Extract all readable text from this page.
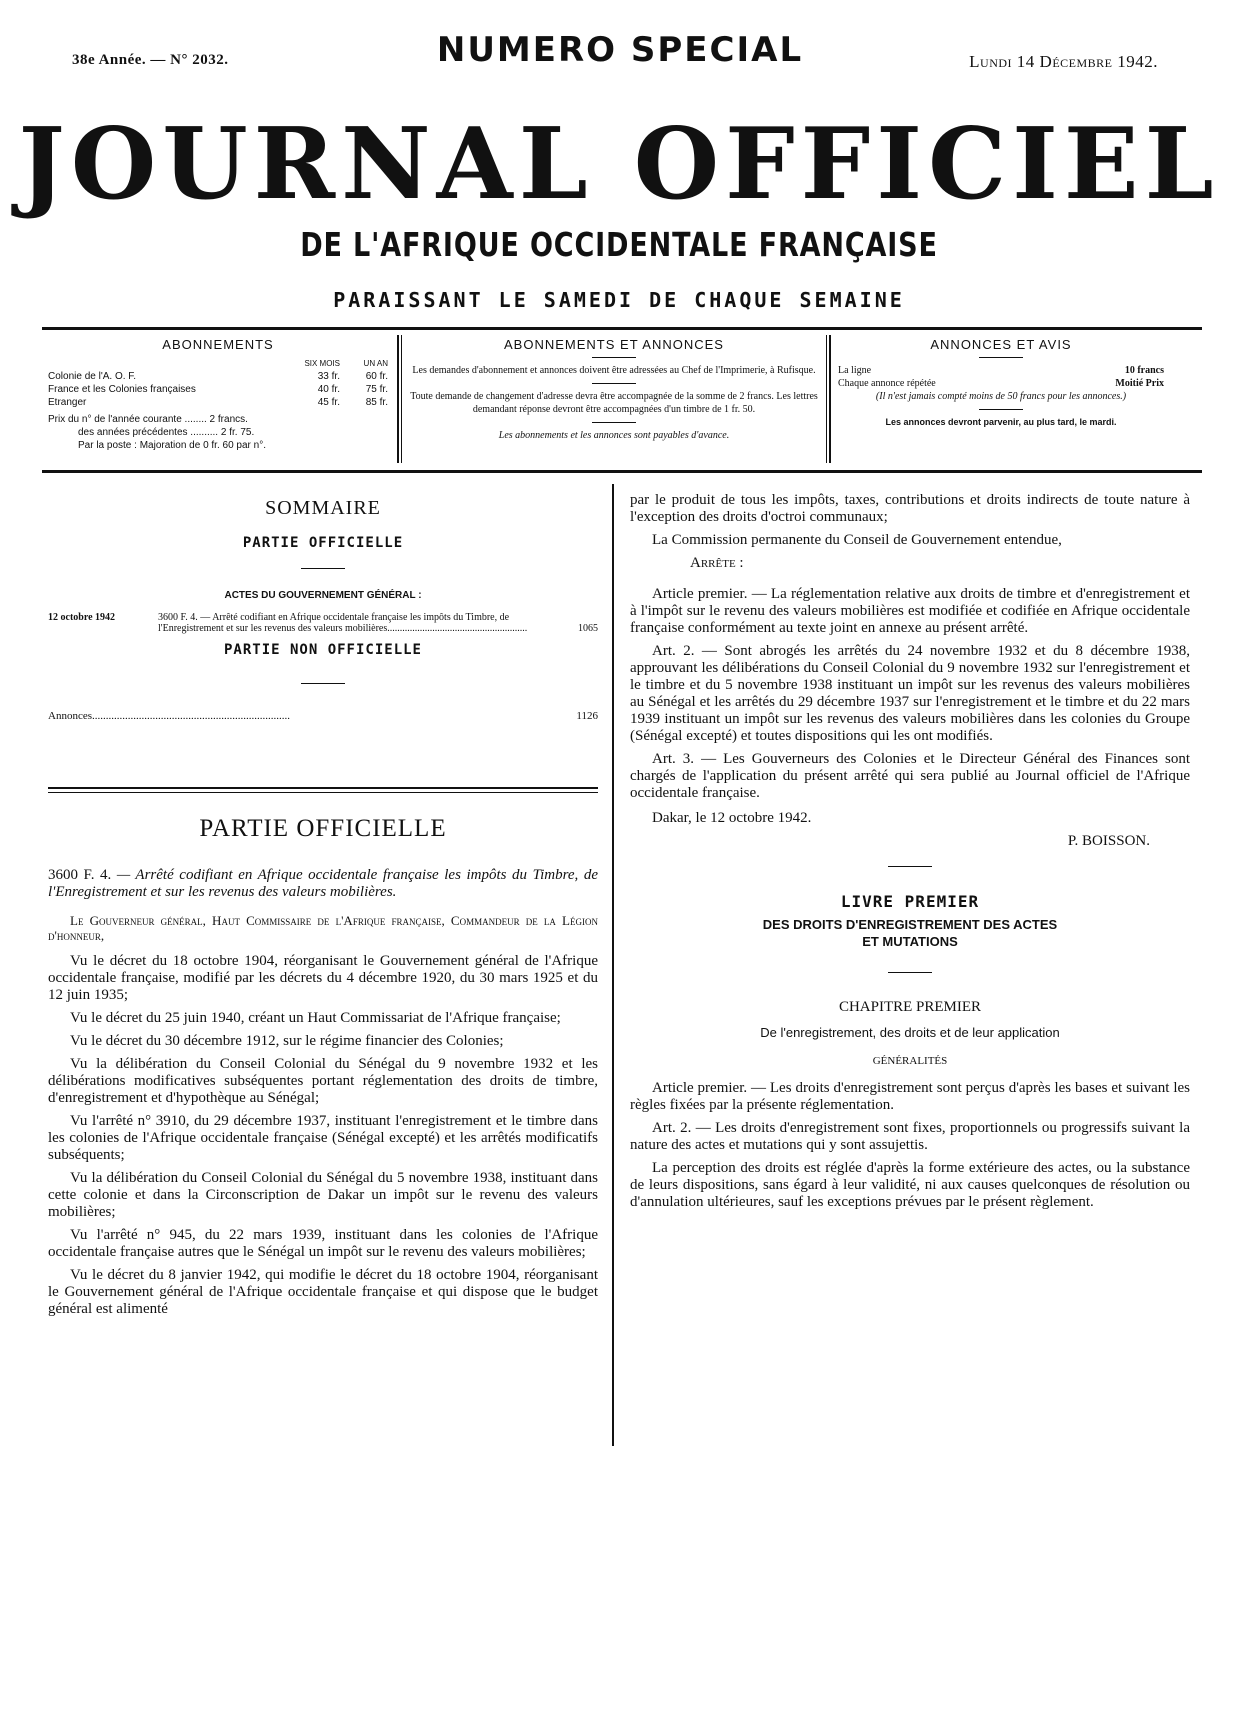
38e Année. — N° 2032.	NUMERO SPECIAL	Lundi 14 Décembre 1942.
JOURNAL OFFICIEL
DE L'AFRIQUE OCCIDENTALE FRANÇAISE
PARAISSANT LE SAMEDI DE CHAQUE SEMAINE
ABONNEMENTS
SIX MOIS	UN AN
Colonie de l'A. O. F.	33 fr.	60 fr.
France et les Colonies françaises	40 fr.	75 fr.
Etranger	45 fr.	85 fr.
Prix du n° de l'année courante ........ 2 francs.
des années précédentes .......... 2 fr. 75.
Par la poste : Majoration de 0 fr. 60 par n°.
ABONNEMENTS ET ANNONCES
Les demandes d'abonnement et annonces doivent être adressées au Chef de l'Imprimerie, à Rufisque.
Toute demande de changement d'adresse devra être accompagnée de la somme de 2 francs. Les lettres demandant réponse devront être accompagnées d'un timbre de 1 fr. 50.
Les abonnements et les annonces sont payables d'avance.
ANNONCES ET AVIS
La ligne	10 francs
Chaque annonce répétée	Moitié Prix
(Il n'est jamais compté moins de 50 francs pour les annonces.)
Les annonces devront parvenir, au plus tard, le mardi.
SOMMAIRE
PARTIE OFFICIELLE
ACTES DU GOUVERNEMENT GÉNÉRAL :
12 octobre 1942	3600 F. 4. — Arrêté codifiant en Afrique occidentale française les impôts du Timbre, de l'Enregistrement et sur les revenus des valeurs mobilières........................................................	1065
PARTIE NON OFFICIELLE
Annonces........................................................................	1126
PARTIE OFFICIELLE

3600 F. 4. — Arrêté codifiant en Afrique occidentale française les impôts du Timbre, de l'Enregistrement et sur les revenus des valeurs mobilières.

Le Gouverneur général, Haut Commissaire de l'Afrique française, Commandeur de la Légion d'honneur,

Vu le décret du 18 octobre 1904, réorganisant le Gouvernement général de l'Afrique occidentale française, modifié par les décrets du 4 décembre 1920, du 30 mars 1925 et du 12 juin 1935;

Vu le décret du 25 juin 1940, créant un Haut Commissariat de l'Afrique française;

Vu le décret du 30 décembre 1912, sur le régime financier des Colonies;

Vu la délibération du Conseil Colonial du Sénégal du 9 novembre 1932 et les délibérations modificatives subséquentes portant réglementation des droits de timbre, d'enregistrement et d'hypothèque au Sénégal;

Vu l'arrêté n° 3910, du 29 décembre 1937, instituant l'enregistrement et le timbre dans les colonies de l'Afrique occidentale française (Sénégal excepté) et les arrêtés modificatifs subséquents;

Vu la délibération du Conseil Colonial du Sénégal du 5 novembre 1938, instituant dans cette colonie et dans la Circonscription de Dakar un impôt sur le revenu des valeurs mobilières;

Vu l'arrêté n° 945, du 22 mars 1939, instituant dans les colonies de l'Afrique occidentale française autres que le Sénégal un impôt sur le revenu des valeurs mobilières;

Vu le décret du 8 janvier 1942, qui modifie le décret du 18 octobre 1904, réorganisant le Gouvernement général de l'Afrique occidentale française et qui dispose que le budget général est alimenté

par le produit de tous les impôts, taxes, contributions et droits indirects de toute nature à l'exception des droits d'octroi communaux;

La Commission permanente du Conseil de Gouvernement entendue,

Arrête :

Article premier. — La réglementation relative aux droits de timbre et d'enregistrement et à l'impôt sur le revenu des valeurs mobilières est modifiée et codifiée en Afrique occidentale française conformément au texte joint en annexe au présent arrêté.

Art. 2. — Sont abrogés les arrêtés du 24 novembre 1932 et du 8 décembre 1938, approuvant les délibérations du Conseil Colonial du 9 novembre 1932 sur l'enregistrement et le timbre et du 5 novembre 1938 instituant un impôt sur les revenus des valeurs mobilières au Sénégal et les arrêtés du 29 décembre 1937 sur l'enregistrement et le timbre et du 22 mars 1939 instituant un impôt sur les revenus des valeurs mobilières dans les colonies du Groupe (Sénégal excepté) et toutes dispositions qui les ont modifiés.

Art. 3. — Les Gouverneurs des Colonies et le Directeur Général des Finances sont chargés de l'application du présent arrêté qui sera publié au Journal officiel de l'Afrique occidentale française.

Dakar, le 12 octobre 1942.

P. BOISSON.
LIVRE PREMIER
DES DROITS D'ENREGISTREMENT DES ACTES
ET MUTATIONS
CHAPITRE PREMIER
De l'enregistrement, des droits et de leur application
GÉNÉRALITÉS

Article premier. — Les droits d'enregistrement sont perçus d'après les bases et suivant les règles fixées par la présente réglementation.

Art. 2. — Les droits d'enregistrement sont fixes, proportionnels ou progressifs suivant la nature des actes et mutations qui y sont assujettis.

La perception des droits est réglée d'après la forme extérieure des actes, ou la substance de leurs dispositions, sans égard à leur validité, ni aux causes quelconques de résolution ou d'annulation ultérieures, sauf les exceptions prévues par le présent règlement.
